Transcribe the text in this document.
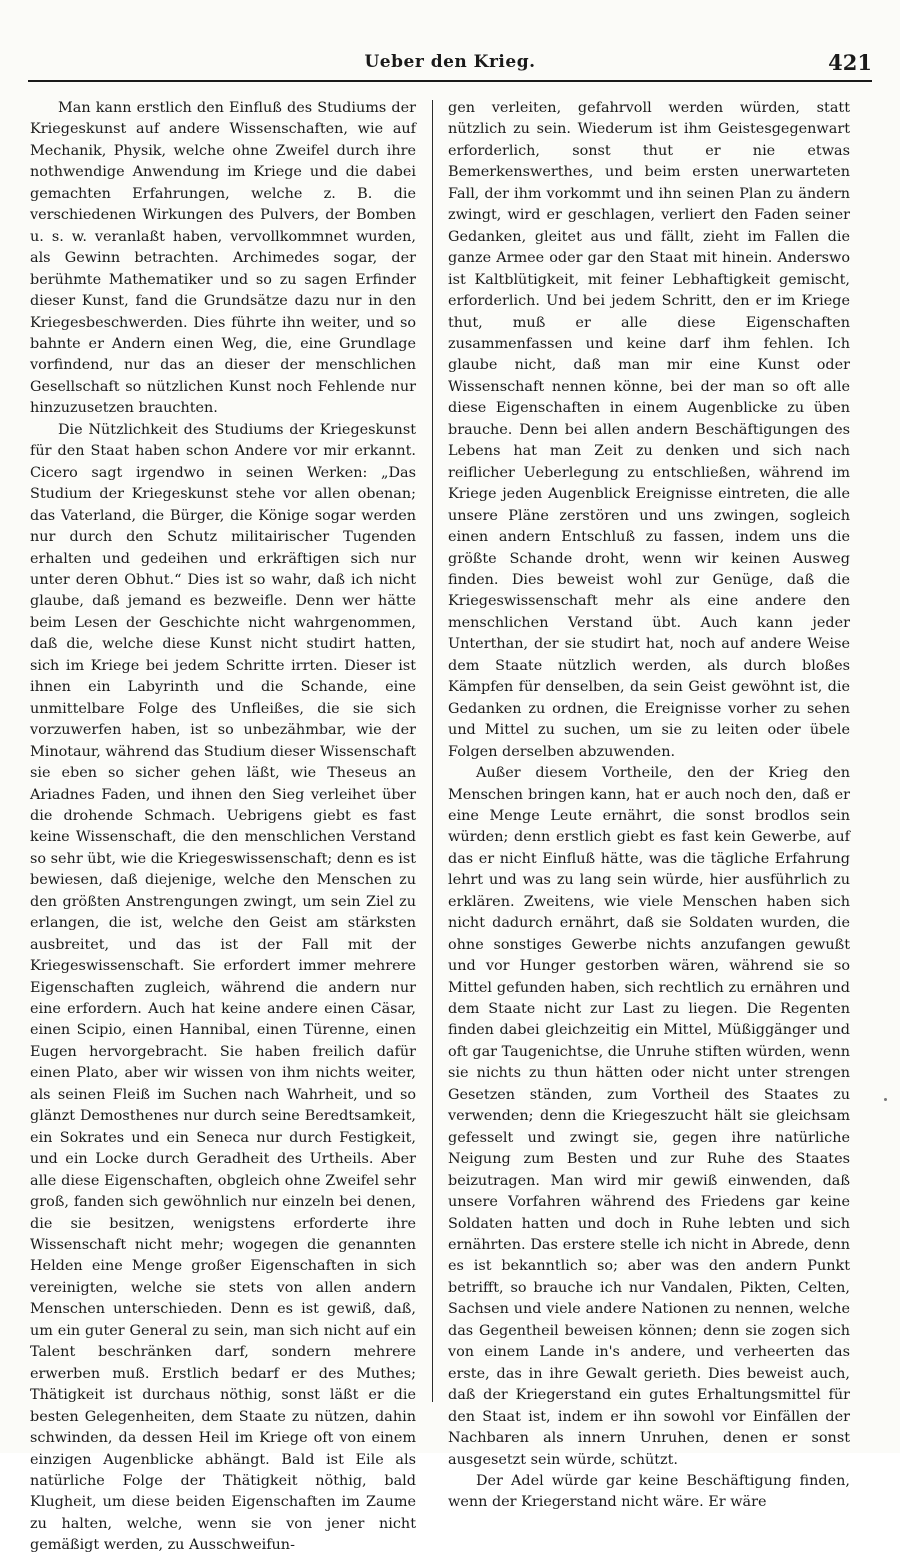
Ueber den Krieg.	421

Man kann erstlich den Einfluß des Studiums der Kriegeskunst auf andere Wissenschaften, wie auf Mechanik, Physik, welche ohne Zweifel durch ihre nothwendige Anwendung im Kriege und die dabei gemachten Erfahrungen, welche z. B. die verschiedenen Wirkungen des Pulvers, der Bomben u. s. w. veranlaßt haben, vervollkommnet wurden, als Gewinn betrachten. Archimedes sogar, der berühmte Mathematiker und so zu sagen Erfinder dieser Kunst, fand die Grundsätze dazu nur in den Kriegesbeschwerden. Dies führte ihn weiter, und so bahnte er Andern einen Weg, die, eine Grundlage vorfindend, nur das an dieser der menschlichen Gesellschaft so nützlichen Kunst noch Fehlende nur hinzuzusetzen brauchten.

Die Nützlichkeit des Studiums der Kriegeskunst für den Staat haben schon Andere vor mir erkannt. Cicero sagt irgendwo in seinen Werken: „Das Studium der Kriegeskunst stehe vor allen obenan; das Vaterland, die Bürger, die Könige sogar werden nur durch den Schutz militairischer Tugenden erhalten und gedeihen und erkräftigen sich nur unter deren Obhut.“ Dies ist so wahr, daß ich nicht glaube, daß jemand es bezweifle. Denn wer hätte beim Lesen der Geschichte nicht wahrgenommen, daß die, welche diese Kunst nicht studirt hatten, sich im Kriege bei jedem Schritte irrten. Dieser ist ihnen ein Labyrinth und die Schande, eine unmittelbare Folge des Unfleißes, die sie sich vorzuwerfen haben, ist so unbezähmbar, wie der Minotaur, während das Studium dieser Wissenschaft sie eben so sicher gehen läßt, wie Theseus an Ariadnes Faden, und ihnen den Sieg verleihet über die drohende Schmach. Uebrigens giebt es fast keine Wissenschaft, die den menschlichen Verstand so sehr übt, wie die Kriegeswissenschaft; denn es ist bewiesen, daß diejenige, welche den Menschen zu den größten Anstrengungen zwingt, um sein Ziel zu erlangen, die ist, welche den Geist am stärksten ausbreitet, und das ist der Fall mit der Kriegeswissenschaft. Sie erfordert immer mehrere Eigenschaften zugleich, während die andern nur eine erfordern. Auch hat keine andere einen Cäsar, einen Scipio, einen Hannibal, einen Türenne, einen Eugen hervorgebracht. Sie haben freilich dafür einen Plato, aber wir wissen von ihm nichts weiter, als seinen Fleiß im Suchen nach Wahrheit, und so glänzt Demosthenes nur durch seine Beredtsamkeit, ein Sokrates und ein Seneca nur durch Festigkeit, und ein Locke durch Geradheit des Urtheils. Aber alle diese Eigenschaften, obgleich ohne Zweifel sehr groß, fanden sich gewöhnlich nur einzeln bei denen, die sie besitzen, wenigstens erforderte ihre Wissenschaft nicht mehr; wogegen die genannten Helden eine Menge großer Eigenschaften in sich vereinigten, welche sie stets von allen andern Menschen unterschieden. Denn es ist gewiß, daß, um ein guter General zu sein, man sich nicht auf ein Talent beschränken darf, sondern mehrere erwerben muß. Erstlich bedarf er des Muthes; Thätigkeit ist durchaus nöthig, sonst läßt er die besten Gelegenheiten, dem Staate zu nützen, dahin schwinden, da dessen Heil im Kriege oft von einem einzigen Augenblicke abhängt. Bald ist Eile als natürliche Folge der Thätigkeit nöthig, bald Klugheit, um diese beiden Eigenschaften im Zaume zu halten, welche, wenn sie von jener nicht gemäßigt werden, zu Ausschweifun-

gen verleiten, gefahrvoll werden würden, statt nützlich zu sein. Wiederum ist ihm Geistesgegenwart erforderlich, sonst thut er nie etwas Bemerkenswerthes, und beim ersten unerwarteten Fall, der ihm vorkommt und ihn seinen Plan zu ändern zwingt, wird er geschlagen, verliert den Faden seiner Gedanken, gleitet aus und fällt, zieht im Fallen die ganze Armee oder gar den Staat mit hinein. Anderswo ist Kaltblütigkeit, mit feiner Lebhaftigkeit gemischt, erforderlich. Und bei jedem Schritt, den er im Kriege thut, muß er alle diese Eigenschaften zusammenfassen und keine darf ihm fehlen. Ich glaube nicht, daß man mir eine Kunst oder Wissenschaft nennen könne, bei der man so oft alle diese Eigenschaften in einem Augenblicke zu üben brauche. Denn bei allen andern Beschäftigungen des Lebens hat man Zeit zu denken und sich nach reiflicher Ueberlegung zu entschließen, während im Kriege jeden Augenblick Ereignisse eintreten, die alle unsere Pläne zerstören und uns zwingen, sogleich einen andern Entschluß zu fassen, indem uns die größte Schande droht, wenn wir keinen Ausweg finden. Dies beweist wohl zur Genüge, daß die Kriegeswissenschaft mehr als eine andere den menschlichen Verstand übt. Auch kann jeder Unterthan, der sie studirt hat, noch auf andere Weise dem Staate nützlich werden, als durch bloßes Kämpfen für denselben, da sein Geist gewöhnt ist, die Gedanken zu ordnen, die Ereignisse vorher zu sehen und Mittel zu suchen, um sie zu leiten oder übele Folgen derselben abzuwenden.

Außer diesem Vortheile, den der Krieg den Menschen bringen kann, hat er auch noch den, daß er eine Menge Leute ernährt, die sonst brodlos sein würden; denn erstlich giebt es fast kein Gewerbe, auf das er nicht Einfluß hätte, was die tägliche Erfahrung lehrt und was zu lang sein würde, hier ausführlich zu erklären. Zweitens, wie viele Menschen haben sich nicht dadurch ernährt, daß sie Soldaten wurden, die ohne sonstiges Gewerbe nichts anzufangen gewußt und vor Hunger gestorben wären, während sie so Mittel gefunden haben, sich rechtlich zu ernähren und dem Staate nicht zur Last zu liegen. Die Regenten finden dabei gleichzeitig ein Mittel, Müßiggänger und oft gar Taugenichtse, die Unruhe stiften würden, wenn sie nichts zu thun hätten oder nicht unter strengen Gesetzen ständen, zum Vortheil des Staates zu verwenden; denn die Kriegeszucht hält sie gleichsam gefesselt und zwingt sie, gegen ihre natürliche Neigung zum Besten und zur Ruhe des Staates beizutragen. Man wird mir gewiß einwenden, daß unsere Vorfahren während des Friedens gar keine Soldaten hatten und doch in Ruhe lebten und sich ernährten. Das erstere stelle ich nicht in Abrede, denn es ist bekanntlich so; aber was den andern Punkt betrifft, so brauche ich nur Vandalen, Pikten, Celten, Sachsen und viele andere Nationen zu nennen, welche das Gegentheil beweisen können; denn sie zogen sich von einem Lande in's andere, und verheerten das erste, das in ihre Gewalt gerieth. Dies beweist auch, daß der Kriegerstand ein gutes Erhaltungsmittel für den Staat ist, indem er ihn sowohl vor Einfällen der Nachbaren als innern Unruhen, denen er sonst ausgesetzt sein würde, schützt.

Der Adel würde gar keine Beschäftigung finden, wenn der Kriegerstand nicht wäre. Er wäre
